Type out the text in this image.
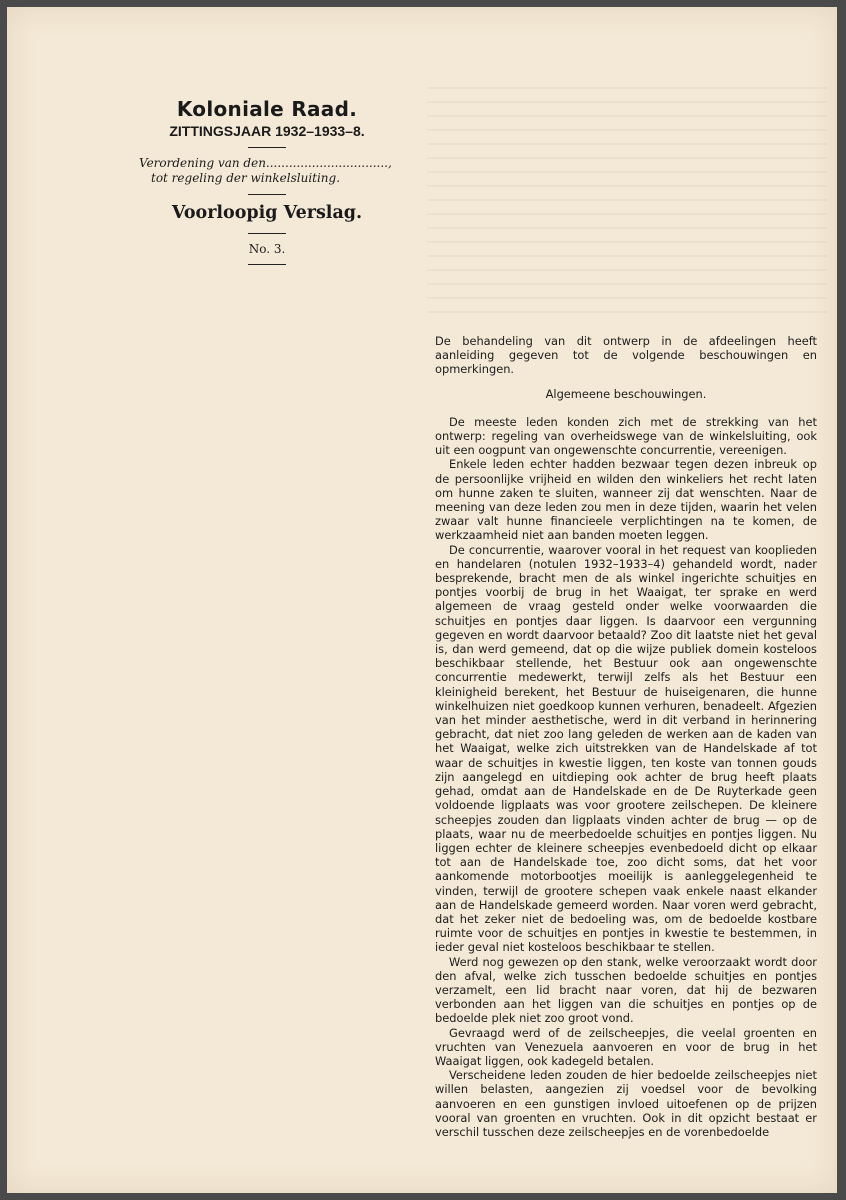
Koloniale Raad.
ZITTINGSJAAR 1932–1933–8.
Verordening van den................................,
tot regeling der winkelsluiting.
Voorloopig Verslag.
No. 3.

De behandeling van dit ontwerp in de afdeelingen heeft aanleiding gegeven tot de volgende beschouwingen en opmerkingen.

Algemeene beschouwingen.

De meeste leden konden zich met de strekking van het ontwerp: regeling van overheidswege van de winkelsluiting, ook uit een oogpunt van ongewenschte concurrentie, vereenigen.

Enkele leden echter hadden bezwaar tegen dezen inbreuk op de persoonlijke vrijheid en wilden den winkeliers het recht laten om hunne zaken te sluiten, wanneer zij dat wenschten. Naar de meening van deze leden zou men in deze tijden, waarin het velen zwaar valt hunne financieele verplichtingen na te komen, de werkzaamheid niet aan banden moeten leggen.

De concurrentie, waarover vooral in het request van kooplieden en handelaren (notulen 1932–1933–4) gehandeld wordt, nader besprekende, bracht men de als winkel ingerichte schuitjes en pontjes voorbij de brug in het Waaigat, ter sprake en werd algemeen de vraag gesteld onder welke voorwaarden die schuitjes en pontjes daar liggen. Is daarvoor een vergunning gegeven en wordt daarvoor betaald? Zoo dit laatste niet het geval is, dan werd gemeend, dat op die wijze publiek domein kosteloos beschikbaar stellende, het Bestuur ook aan ongewenschte concurrentie medewerkt, terwijl zelfs als het Bestuur een kleinigheid berekent, het Bestuur de huiseigenaren, die hunne winkelhuizen niet goedkoop kunnen verhuren, benadeelt. Afgezien van het minder aesthetische, werd in dit verband in herinnering gebracht, dat niet zoo lang geleden de werken aan de kaden van het Waaigat, welke zich uitstrekken van de Handelskade af tot waar de schuitjes in kwestie liggen, ten koste van tonnen gouds zijn aangelegd en uitdieping ook achter de brug heeft plaats gehad, omdat aan de Handelskade en de De Ruyterkade geen voldoende ligplaats was voor grootere zeilschepen. De kleinere scheepjes zouden dan ligplaats vinden achter de brug — op de plaats, waar nu de meerbedoelde schuitjes en pontjes liggen. Nu liggen echter de kleinere scheepjes evenbedoeld dicht op elkaar tot aan de Handelskade toe, zoo dicht soms, dat het voor aankomende motorbootjes moeilijk is aanleggelegenheid te vinden, terwijl de grootere schepen vaak enkele naast elkander aan de Handelskade gemeerd worden. Naar voren werd gebracht, dat het zeker niet de bedoeling was, om de bedoelde kostbare ruimte voor de schuitjes en pontjes in kwestie te bestemmen, in ieder geval niet kosteloos beschikbaar te stellen.

Werd nog gewezen op den stank, welke veroorzaakt wordt door den afval, welke zich tusschen bedoelde schuitjes en pontjes verzamelt, een lid bracht naar voren, dat hij de bezwaren verbonden aan het liggen van die schuitjes en pontjes op de bedoelde plek niet zoo groot vond.

Gevraagd werd of de zeilscheepjes, die veelal groenten en vruchten van Venezuela aanvoeren en voor de brug in het Waaigat liggen, ook kadegeld betalen.

Verscheidene leden zouden de hier bedoelde zeilscheepjes niet willen belasten, aangezien zij voedsel voor de bevolking aanvoeren en een gunstigen invloed uitoefenen op de prijzen vooral van groenten en vruchten. Ook in dit opzicht bestaat er verschil tusschen deze zeilscheepjes en de vorenbedoelde
